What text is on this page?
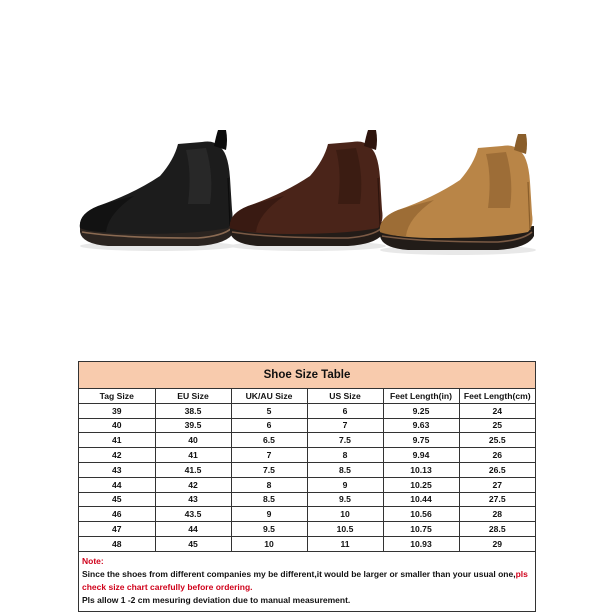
Shoe Size Table
Tag Size	EU Size	UK/AU Size	US Size	Feet Length(in)	Feet Length(cm)
39	38.5	5	6	9.25	24
40	39.5	6	7	9.63	25
41	40	6.5	7.5	9.75	25.5
42	41	7	8	9.94	26
43	41.5	7.5	8.5	10.13	26.5
44	42	8	9	10.25	27
45	43	8.5	9.5	10.44	27.5
46	43.5	9	10	10.56	28
47	44	9.5	10.5	10.75	28.5
48	45	10	11	10.93	29
Note:
Since the shoes from different companies my be different,it would be larger or smaller than your usual one,pls
check size chart carefully before ordering.
Pls allow 1 -2 cm mesuring deviation due to manual measurement.
